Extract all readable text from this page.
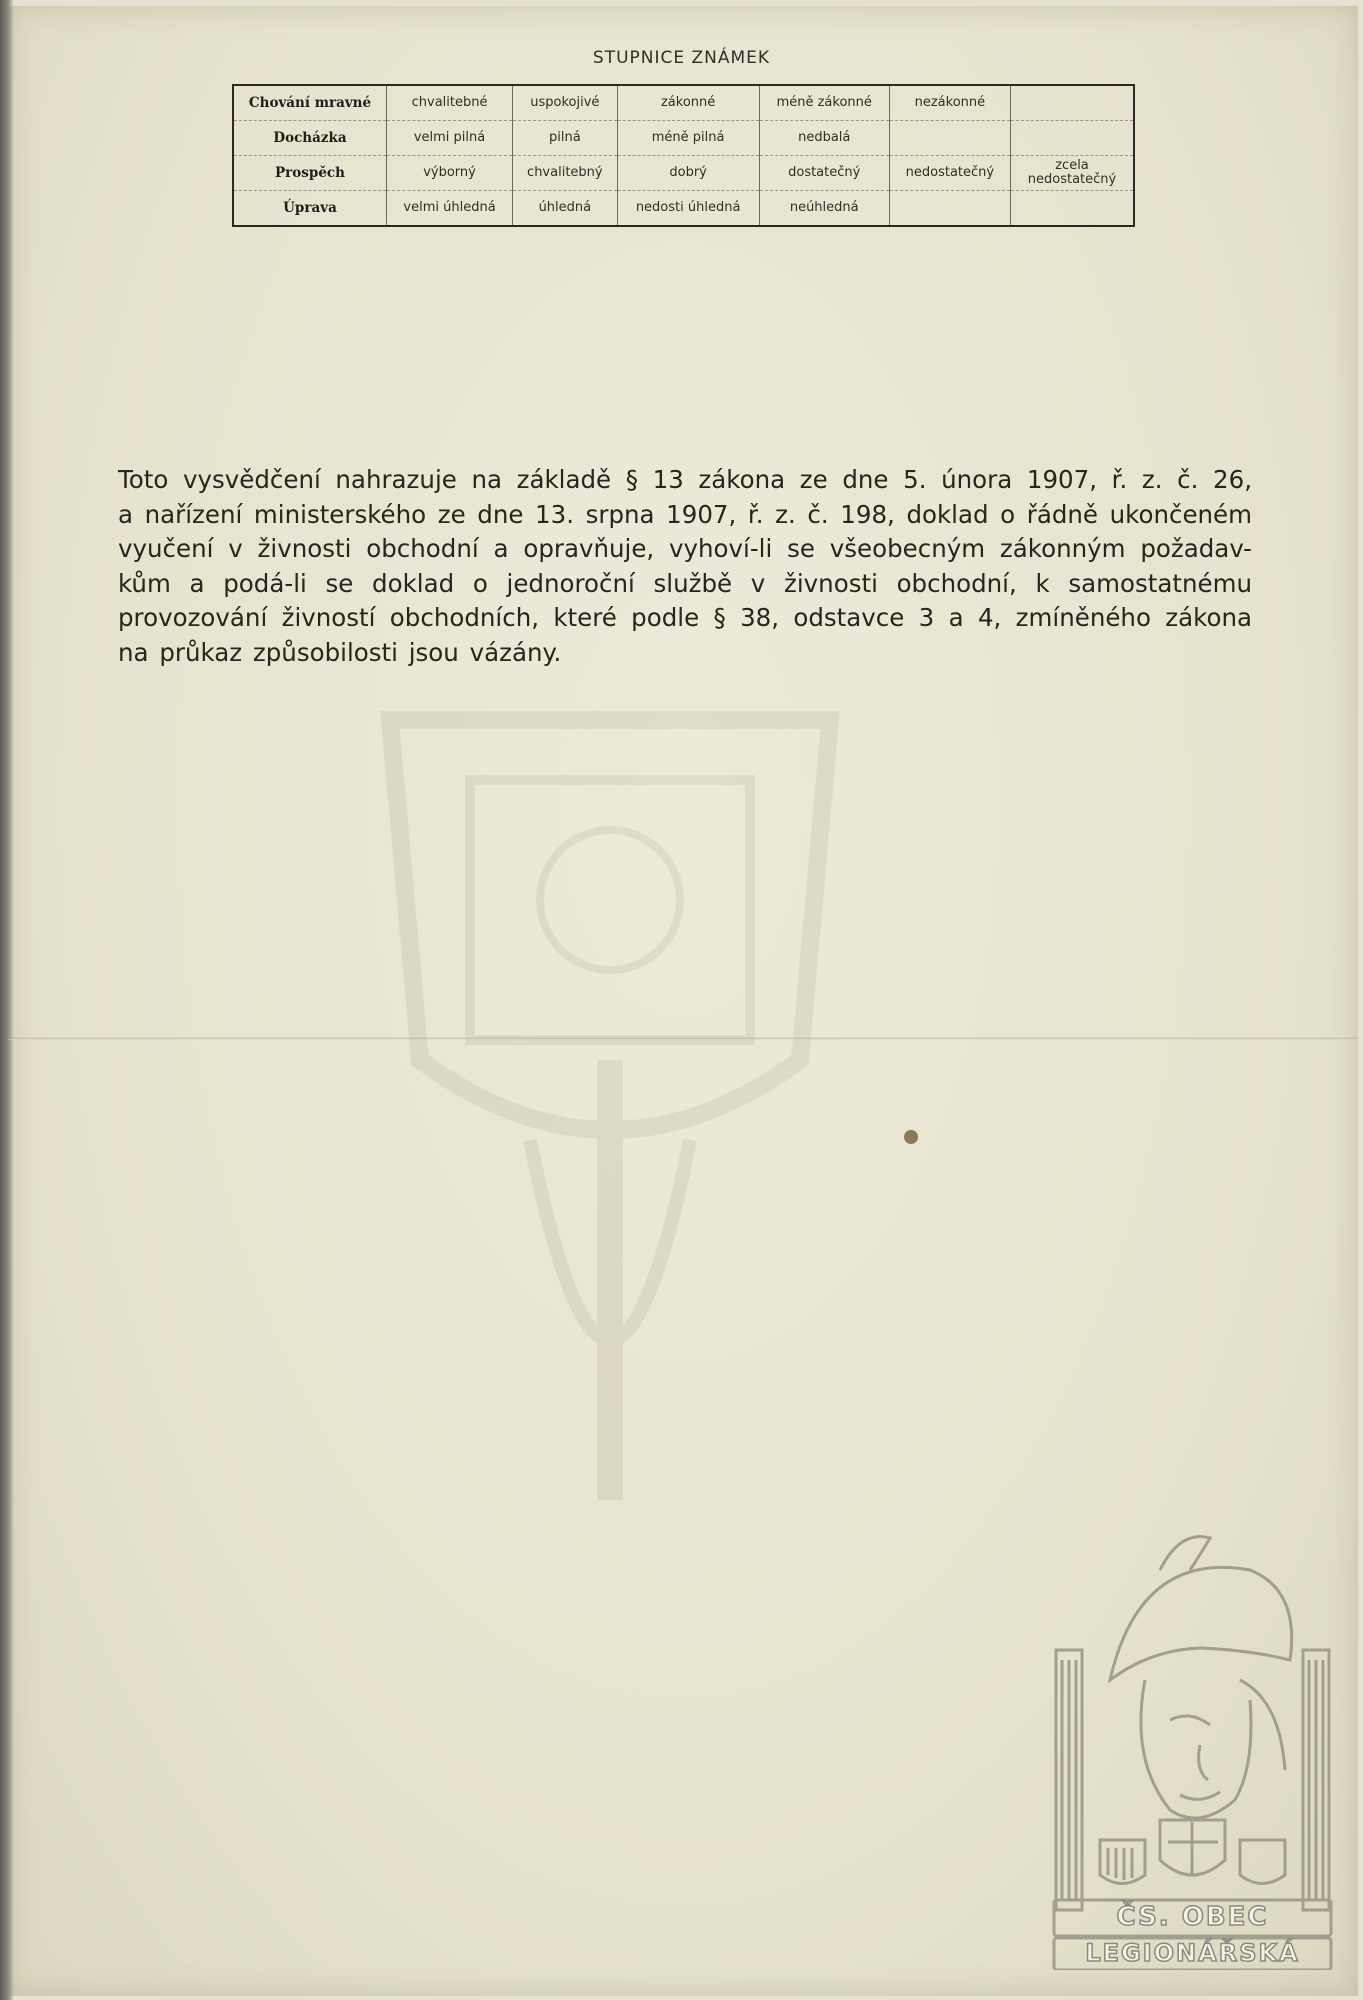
STUPNICE ZNÁMEK
Chování mravné	chvalitebné	uspokojivé	zákonné	méně zákonné	nezákonné	
Docházka	velmi pilná	pilná	méně pilná	nedbalá		
Prospěch	výborný	chvalitebný	dobrý	dostatečný	nedostatečný	zcela nedostatečný
Úprava	velmi úhledná	úhledná	nedosti úhledná	neúhledná		
Toto vysvědčení nahrazuje na základě § 13 zákona ze dne 5. února 1907, ř. z. č. 26,
a nařízení ministerského ze dne 13. srpna 1907, ř. z. č. 198, doklad o řádně ukončeném
vyučení v živnosti obchodní a opravňuje, vyhoví-li se všeobecným zákonným požadav-
kům a podá-li se doklad o jednoroční službě v živnosti obchodní, k samostatnému
provozování živností obchodních, které podle § 38, odstavce 3 a 4, zmíněného zákona
na průkaz způsobilosti jsou vázány.
ČS. OBEC
LEGIONÁŘSKÁ
